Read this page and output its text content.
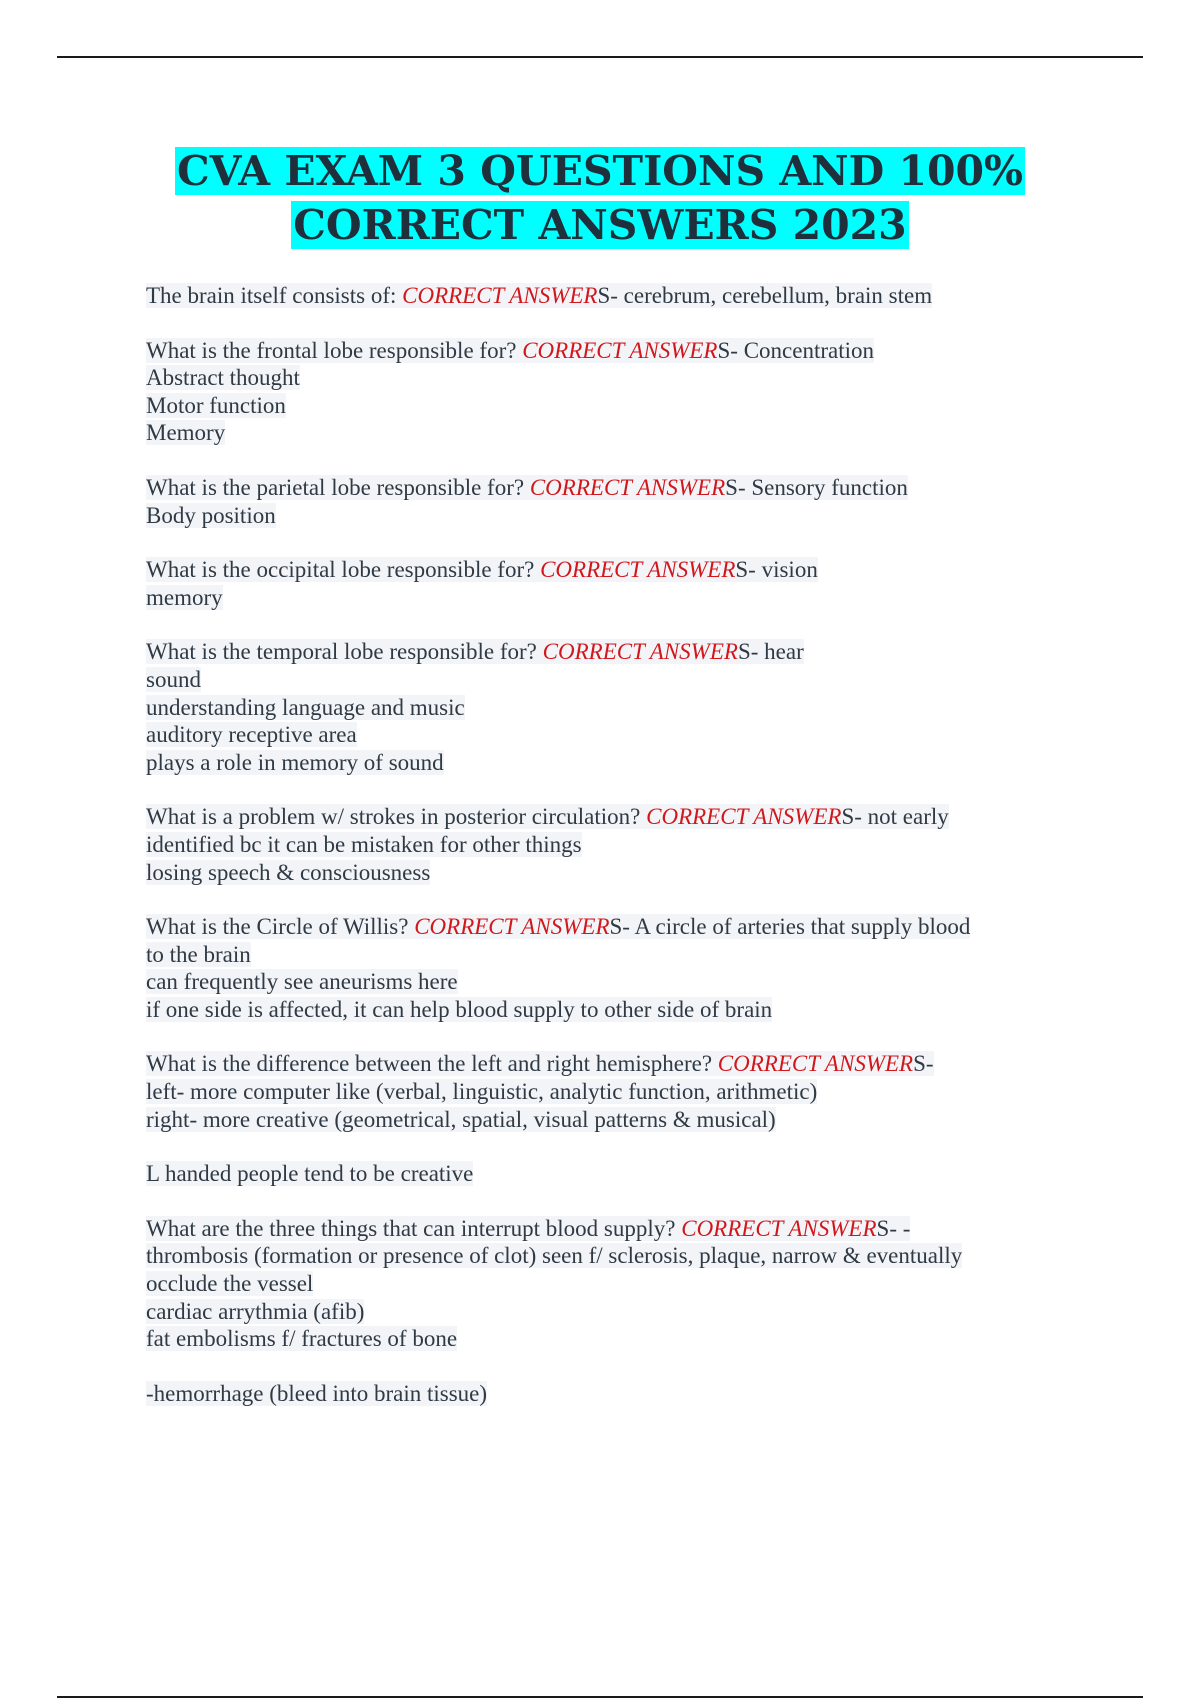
CVA EXAM 3 QUESTIONS AND 100%
CORRECT ANSWERS 2023
The brain itself consists of: CORRECT ANSWERS- cerebrum, cerebellum, brain stem
What is the frontal lobe responsible for? CORRECT ANSWERS- Concentration
Abstract thought
Motor function
Memory
What is the parietal lobe responsible for? CORRECT ANSWERS- Sensory function
Body position
What is the occipital lobe responsible for? CORRECT ANSWERS- vision
memory
What is the temporal lobe responsible for? CORRECT ANSWERS- hear
sound
understanding language and music
auditory receptive area
plays a role in memory of sound
What is a problem w/ strokes in posterior circulation? CORRECT ANSWERS- not early
identified bc it can be mistaken for other things
losing speech & consciousness
What is the Circle of Willis? CORRECT ANSWERS- A circle of arteries that supply blood
to the brain
can frequently see aneurisms here
if one side is affected, it can help blood supply to other side of brain
What is the difference between the left and right hemisphere? CORRECT ANSWERS-
left- more computer like (verbal, linguistic, analytic function, arithmetic)
right- more creative (geometrical, spatial, visual patterns & musical)
L handed people tend to be creative
What are the three things that can interrupt blood supply? CORRECT ANSWERS- -
thrombosis (formation or presence of clot) seen f/ sclerosis, plaque, narrow & eventually
occlude the vessel
cardiac arrythmia (afib)
fat embolisms f/ fractures of bone
-hemorrhage (bleed into brain tissue)
